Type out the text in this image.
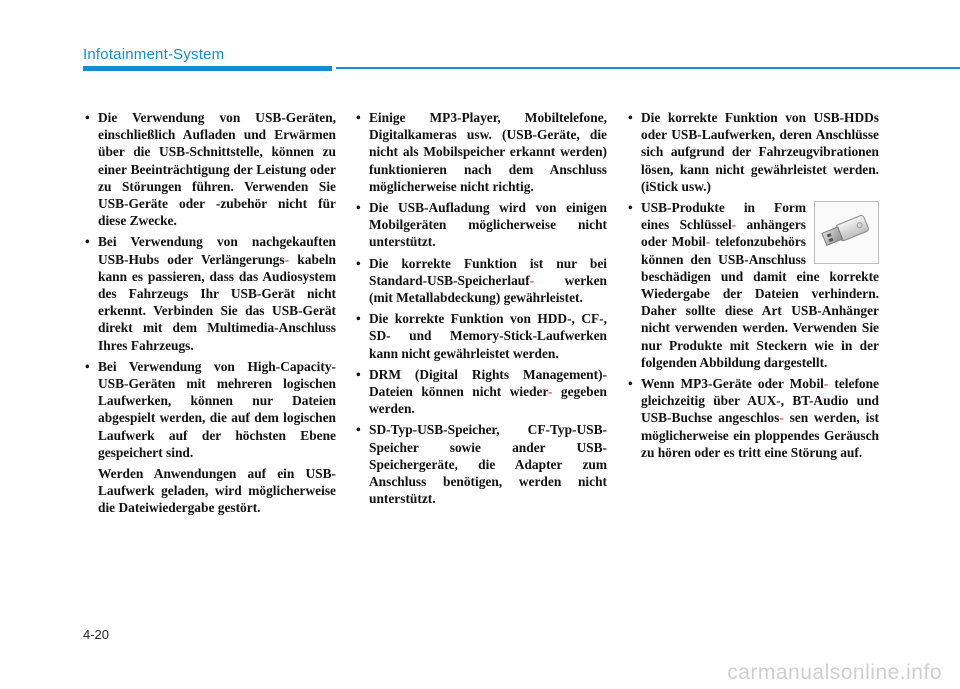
Infotainment-System
• Die Verwendung von USB-Geräten, einschließlich Aufladen und Erwärmen über die USB-Schnittstelle, können zu einer Beeinträchtigung der Leistung oder zu Störungen führen. Verwenden Sie USB-Geräte oder -zubehör nicht für diese Zwecke.
• Bei Verwendung von nachgekauften USB-Hubs oder Verlängerungs- kabeln kann es passieren, dass das Audiosystem des Fahrzeugs Ihr USB-Gerät nicht erkennt. Verbinden Sie das USB-Gerät direkt mit dem Multimedia-Anschluss Ihres Fahrzeugs.
• Bei Verwendung von High-Capacity-USB-Geräten mit mehreren logischen Laufwerken, können nur Dateien abgespielt werden, die auf dem logischen Laufwerk auf der höchsten Ebene gespeichert sind.
Werden Anwendungen auf ein USB-Laufwerk geladen, wird möglicherweise die Dateiwiedergabe gestört.
• Einige MP3-Player, Mobiltelefone, Digitalkameras usw. (USB-Geräte, die nicht als Mobilspeicher erkannt werden) funktionieren nach dem Anschluss möglicherweise nicht richtig.
• Die USB-Aufladung wird von einigen Mobilgeräten möglicherweise nicht unterstützt.
• Die korrekte Funktion ist nur bei Standard-USB-Speicherlauf- werken (mit Metallabdeckung) gewährleistet.
• Die korrekte Funktion von HDD-, CF-, SD- und Memory-Stick-Laufwerken kann nicht gewährleistet werden.
• DRM (Digital Rights Management)-Dateien können nicht wieder- gegeben werden.
• SD-Typ-USB-Speicher, CF-Typ-USB-Speicher sowie ander USB-Speichergeräte, die Adapter zum Anschluss benötigen, werden nicht unterstützt.
• Die korrekte Funktion von USB-HDDs oder USB-Laufwerken, deren Anschlüsse sich aufgrund der Fahrzeugvibrationen lösen, kann nicht gewährleistet werden. (iStick usw.)
• USB-Produkte in Form eines Schlüssel- anhängers oder Mobil- telefonzubehörs können den USB-Anschluss beschädigen und damit eine korrekte Wiedergabe der Dateien verhindern. Daher sollte diese Art USB-Anhänger nicht verwenden werden. Verwenden Sie nur Produkte mit Steckern wie in der folgenden Abbildung dargestellt.
• Wenn MP3-Geräte oder Mobil- telefone gleichzeitig über AUX-, BT-Audio und USB-Buchse angeschlos- sen werden, ist möglicherweise ein ploppendes Geräusch zu hören oder es tritt eine Störung auf.
4-20
carmanualsonline.info
